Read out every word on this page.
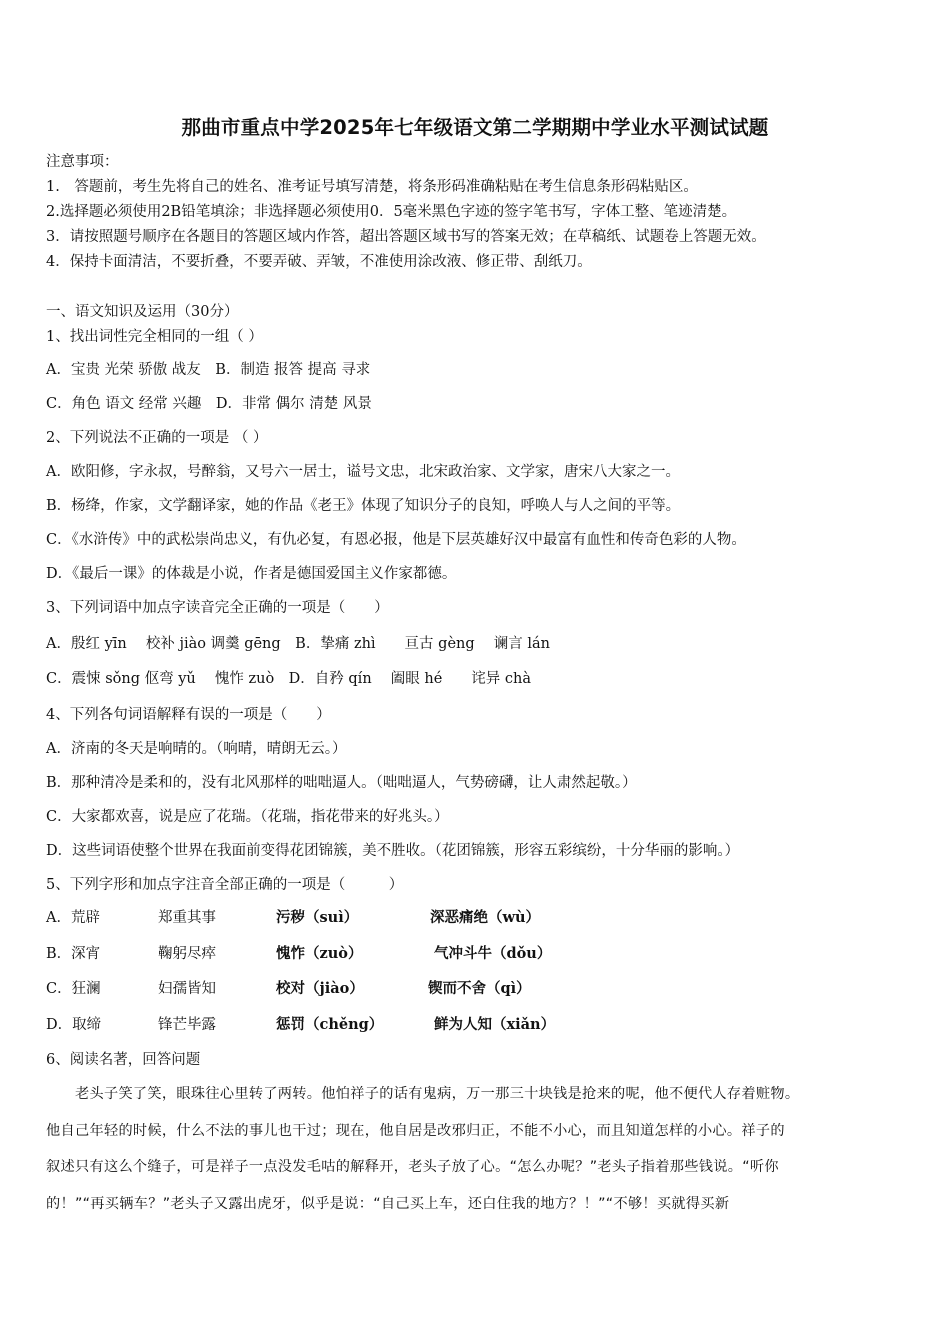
那曲市重点中学2025年七年级语文第二学期期中学业水平测试试题
注意事项：
1.　答题前，考生先将自己的姓名、准考证号填写清楚，将条形码准确粘贴在考生信息条形码粘贴区。
2.选择题必须使用2B铅笔填涂；非选择题必须使用0．5毫米黑色字迹的签字笔书写，字体工整、笔迹清楚。
3．请按照题号顺序在各题目的答题区域内作答，超出答题区域书写的答案无效；在草稿纸、试题卷上答题无效。
4．保持卡面清洁，不要折叠，不要弄破、弄皱，不准使用涂改液、修正带、刮纸刀。
一、语文知识及运用（30分）
1、找出词性完全相同的一组（ ）
A．宝贵 光荣 骄傲 战友　B．制造 报答 提高 寻求
C．角色 语文 经常 兴趣　D．非常 偶尔 清楚 风景
2、下列说法不正确的一项是 （ ）
A．欧阳修，字永叔，号醉翁，又号六一居士，谥号文忠，北宋政治家、文学家，唐宋八大家之一。
B．杨绛，作家，文学翻译家，她的作品《老王》体现了知识分子的良知，呼唤人与人之间的平等。
C．《水浒传》中的武松崇尚忠义，有仇必复，有恩必报，他是下层英雄好汉中最富有血性和传奇色彩的人物。
D．《最后一课》的体裁是小说，作者是德国爱国主义作家都德。
3、下列词语中加点字读音完全正确的一项是（　　）
A．殷红 yīn　 校补 jiào 调羹 gēng　B．挚痛 zhì　　亘古 gèng　 谰言 lán
C．震悚 sǒng 伛弯 yǔ　 愧怍 zuò　D．自矜 qín　 阖眼 hé　　诧异 chà
4、下列各句词语解释有误的一项是（　　）
A．济南的冬天是响晴的。（响晴，晴朗无云。）
B．那种清冷是柔和的，没有北风那样的咄咄逼人。（咄咄逼人，气势磅礴，让人肃然起敬。）
C．大家都欢喜，说是应了花瑞。（花瑞，指花带来的好兆头。）
D．这些词语使整个世界在我面前变得花团锦簇，美不胜收。（花团锦簇，形容五彩缤纷，十分华丽的影响。）
5、下列字形和加点字注音全部正确的一项是（　　　）
A．荒辟	郑重其事	污秽（suì）	深恶痛绝（wù）
B．深宵	鞠躬尽瘁	愧怍（zuò）	气冲斗牛（dǒu）
C．狂澜	妇孺皆知	校对（jiào）	锲而不舍（qì）
D．取缔	锋芒毕露	惩罚（chěng）	鲜为人知（xiǎn）
6、阅读名著，回答问题
　　老头子笑了笑，眼珠往心里转了两转。他怕祥子的话有鬼病，万一那三十块钱是抢来的呢，他不便代人存着赃物。
他自己年轻的时候，什么不法的事儿也干过；现在，他自居是改邪归正，不能不小心，而且知道怎样的小心。祥子的
叙述只有这么个缝子，可是祥子一点没发毛咕的解释开，老头子放了心。“怎么办呢？”老头子指着那些钱说。“听你
的！”“再买辆车？”老头子又露出虎牙，似乎是说：“自己买上车，还白住我的地方？！”“不够！买就得买新
